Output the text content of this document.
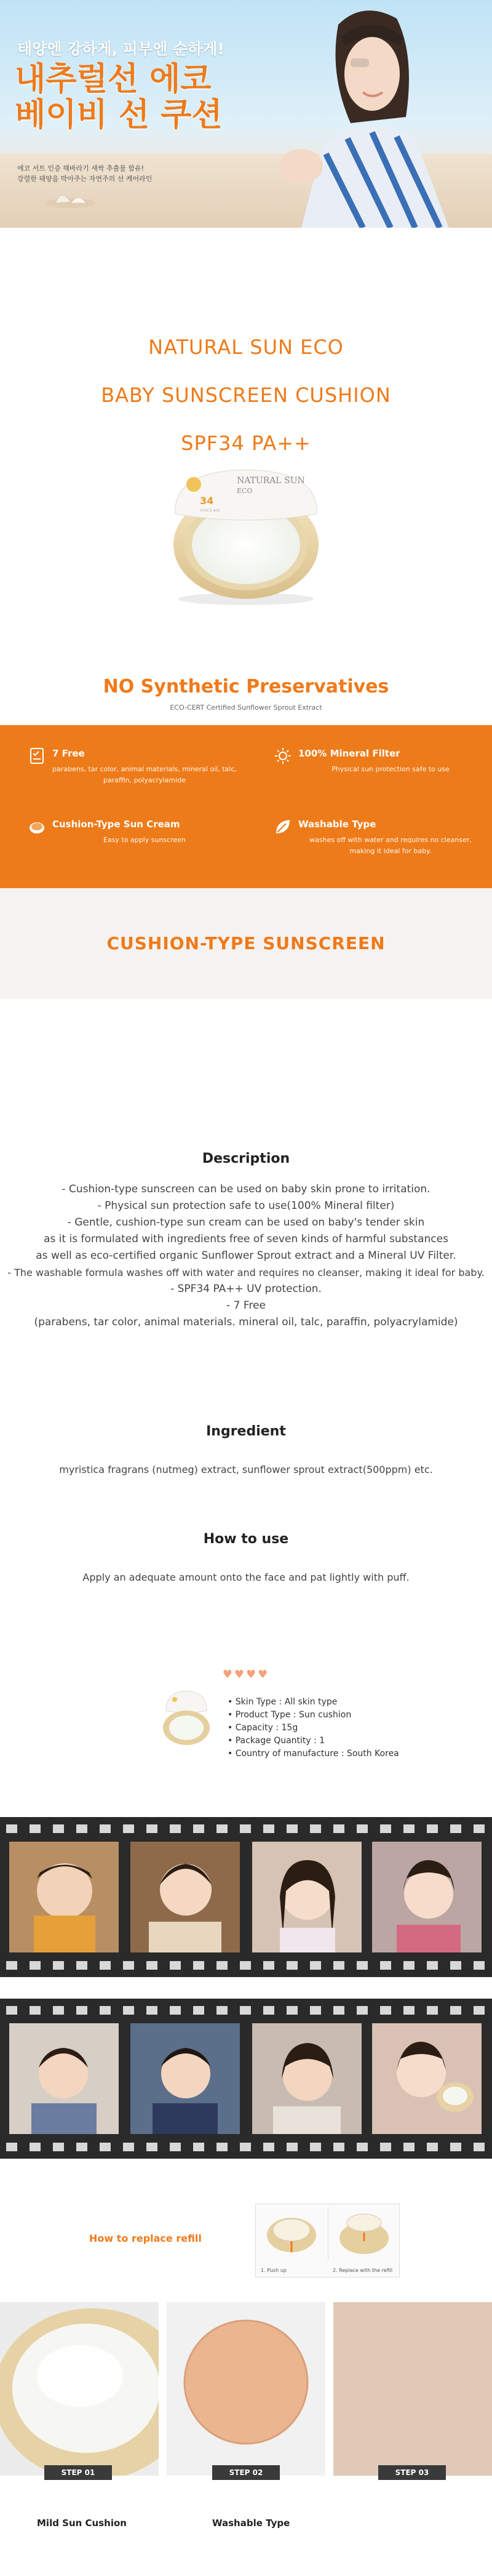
태양엔 강하게, 피부엔 순하게!
내추럴선 에코
베이비 선 쿠션
에코 서트 인증 해바라기 새싹 추출물 함유!
강렬한 태양을 막아주는 자연주의 선 케어라인
NATURAL SUN ECO
BABY SUNSCREEN CUSHION
SPF34 PA++
NATURAL SUN
ECO
34
innis Σ eco
NO Synthetic Preservatives
ECO-CERT Certified Sunflower Sprout Extract
7 Free
parabens, tar color, animal materials, mineral oil, talc, paraffin, polyacrylamide
100% Mineral Filter
Physical sun protection safe to use
Cushion-Type Sun Cream
Easy to apply sunscreen
Washable Type
washes off with water and requires no cleanser, making it ideal for baby.
CUSHION-TYPE SUNSCREEN
Description
- Cushion-type sunscreen can be used on baby skin prone to irritation.
- Physical sun protection safe to use(100% Mineral filter)
- Gentle, cushion-type sun cream can be used on baby's tender skin
as it is formulated with ingredients free of seven kinds of harmful substances
as well as eco-certified organic Sunflower Sprout extract and a Mineral UV Filter.
- The washable formula washes off with water and requires no cleanser, making it ideal for baby.
- SPF34 PA++ UV protection.
- 7 Free
(parabens, tar color, animal materials. mineral oil, talc, paraffin, polyacrylamide)
Ingredient
myristica fragrans (nutmeg) extract, sunflower sprout extract(500ppm) etc.
How to use
Apply an adequate amount onto the face and pat lightly with puff.
♥♥♥♥
• Skin Type : All skin type
• Product Type : Sun cushion
• Capacity : 15g
• Package Quantity : 1
• Country of manufacture : South Korea
How to replace refill
1. Push up	2. Replace with the refill
STEP 01	STEP 02	STEP 03
Mild Sun Cushion	Washable Type
